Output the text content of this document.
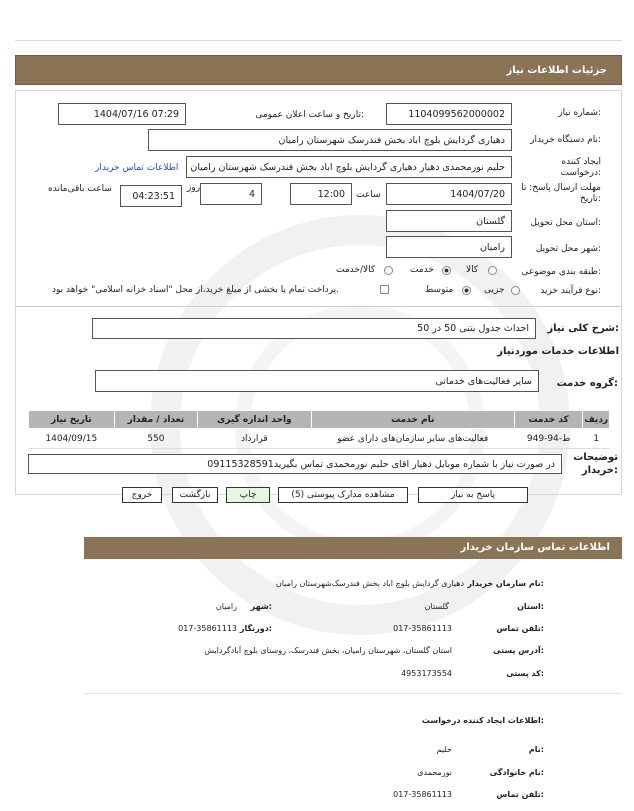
جزئیات اطلاعات نیاز
شماره نیاز:
1104099562000002
تاریخ و ساعت اعلان عمومی:
1404/07/16 07:29
نام دستگاه خریدار:
دهیاری گردایش بلوچ اباد بخش فندرسک شهرستان رامیان
ایجاد کننده
درخواست:
حلیم نورمحمدی دهیار دهیاری گردایش بلوچ اباد بخش فندرسک شهرستان رامیان
اطلاعات تماس خریدار
مهلت ارسال پاسخ: تا
تاریخ:
1404/07/20
ساعت
12:00
4
روز
04:23:51
ساعت باقی‌مانده
استان محل تحویل:
گلستان
شهر محل تحویل:
رامیان
طبقه بندی موضوعی:
کالا
خدمت
کالا/خدمت
نوع فرآیند خرید:
جزیی
متوسط
پرداخت تمام یا بخشی از مبلغ خرید،از محل "اسناد خزانه اسلامی" خواهد بود.
شرح کلی نیاز:
احداث جدول بتنی 50 در 50
اطلاعات خدمات موردنیاز
گروه خدمت:
سایر فعالیت‌های خدماتی
ردیف	کد خدمت	نام خدمت	واحد اندازه گیری	تعداد / مقدار	تاریخ نیاز
1	ط-94-949	فعالیت‌های سایر سازمان‌های دارای عضو	قرارداد	550	1404/09/15
توضیحات
خریدار:
در صورت نیاز با شماره موبایل دهیار اقای حلیم نورمحمدی تماس بگیرید09115328591
پاسخ به نیاز
مشاهده مدارک پیوستی (5)
چاپ
بازگشت
خروج
اطلاعات تماس سازمان خریدار
نام سازمان خریدار:
دهیاری گردایش بلوچ اباد بخش فندرسک‌شهرستان رامیان
استان:
گلستان
شهر:
رامیان
تلفن تماس:
017-35861113
دورنگار:
017-35861113
آدرس پستی:
استان گلستان، شهرستان رامیان، بخش فندرسک، روستای بلوچ آبادگردایش
کد پستی:
4953173554
اطلاعات ایجاد کننده درخواست:
نام:
حلیم
نام خانوادگی:
نورمحمدی
تلفن تماس:
017-35861113
